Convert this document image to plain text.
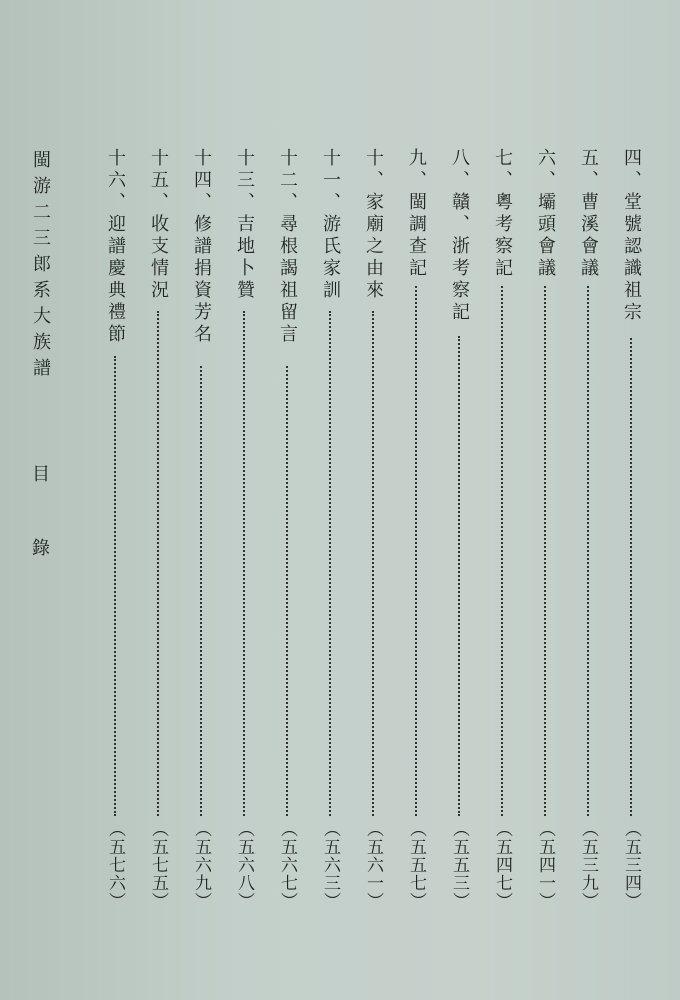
四、堂號認識祖宗
（五三四）
五、曹溪會議
（五三九）
六、壩頭會議
（五四一）
七、粵考察記
（五四七）
八、贛、浙考察記
（五五三）
九、閩調查記
（五五七）
十、家廟之由來
（五六一）
十一、游氏家訓
（五六三）
十二、尋根謁祖留言
（五六七）
十三、吉地卜贊
（五六八）
十四、修譜捐資芳名
（五六九）
十五、收支情況
（五七五）
十六、迎譜慶典禮節
（五七六）
閩游二三郎系大族譜
目
錄
